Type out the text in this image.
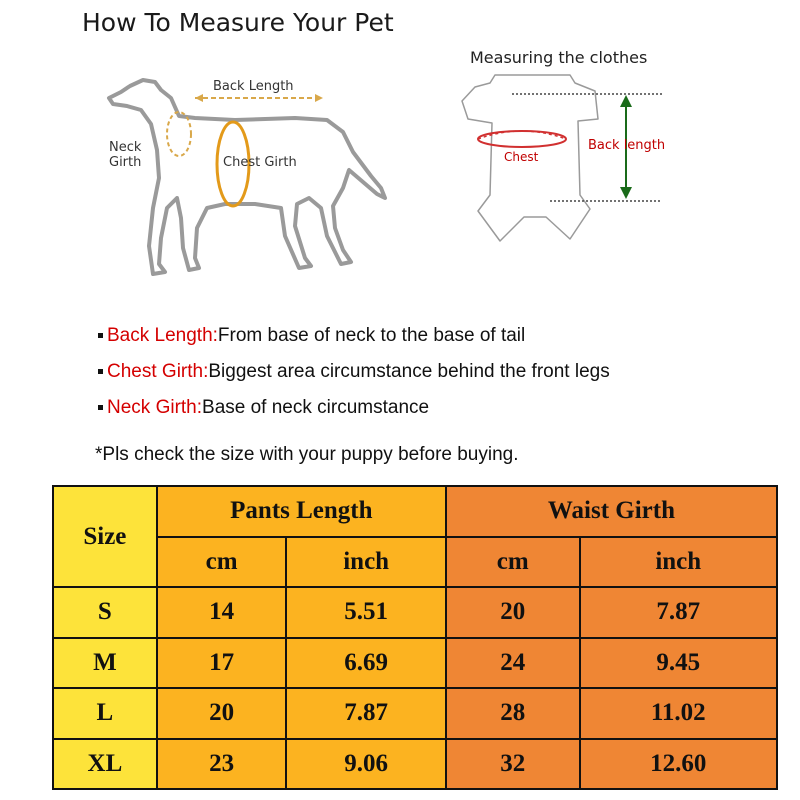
How To Measure Your Pet
Back Length
Neck
Girth	Chest Girth
Measuring the clothes
Chest
Back length
Back Length:From base of neck to the base of tail
Chest Girth:Biggest area circumstance behind the front legs
Neck Girth:Base of neck circumstance
*Pls check the size with your puppy before buying.
Size	Pants Length		Waist Girth	
	cm	inch	cm	inch
S	14	5.51	20	7.87
M	17	6.69	24	9.45
L	20	7.87	28	11.02
XL	23	9.06	32	12.60
